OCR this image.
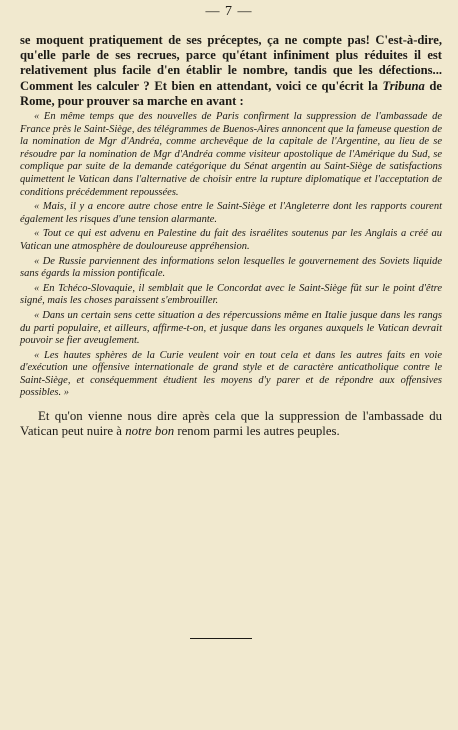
— 7 —

se moquent pratiquement de ses préceptes, ça ne compte pas! C'est-à-dire, qu'elle parle de ses recrues, parce qu'étant infiniment plus réduites il est relativement plus facile d'en établir le nombre, tandis que les défections... Comment les calculer ? Et bien en attendant, voici ce qu'écrit la Tribuna de Rome, pour prouver sa marche en avant :

« En même temps que des nouvelles de Paris confirment la suppression de l'ambassade de France près le Saint-Siège, des télégrammes de Buenos-Aires annoncent que la fameuse question de la nomination de Mgr d'Andréa, comme archevêque de la capitale de l'Argentine, au lieu de se résoudre par la nomination de Mgr d'Andréa comme visiteur apostolique de l'Amérique du Sud, se complique par suite de la demande catégorique du Sénat argentin au Saint-Siège de satisfactions quimettent le Vatican dans l'alternative de choisir entre la rupture diplomatique et l'acceptation de conditions précédemment repoussées.

« Mais, il y a encore autre chose entre le Saint-Siège et l'Angleterre dont les rapports courent également les risques d'une tension alarmante.

« Tout ce qui est advenu en Palestine du fait des israélites soutenus par les Anglais a créé au Vatican une atmosphère de douloureuse appréhension.

« De Russie parviennent des informations selon lesquelles le gouvernement des Soviets liquide sans égards la mission pontificale.

« En Tchéco-Slovaquie, il semblait que le Concordat avec le Saint-Siège fût sur le point d'être signé, mais les choses paraissent s'embrouiller.

« Dans un certain sens cette situation a des répercussions même en Italie jusque dans les rangs du parti populaire, et ailleurs, affirme-t-on, et jusque dans les organes auxquels le Vatican devrait pouvoir se fier aveuglement.

« Les hautes sphères de la Curie veulent voir en tout cela et dans les autres faits en voie d'exécution une offensive internationale de grand style et de caractère anticatholique contre le Saint-Siège, et conséquemment étudient les moyens d'y parer et de répondre aux offensives possibles. »

Et qu'on vienne nous dire après cela que la suppression de l'ambassade du Vatican peut nuire à notre bon renom parmi les autres peuples.
